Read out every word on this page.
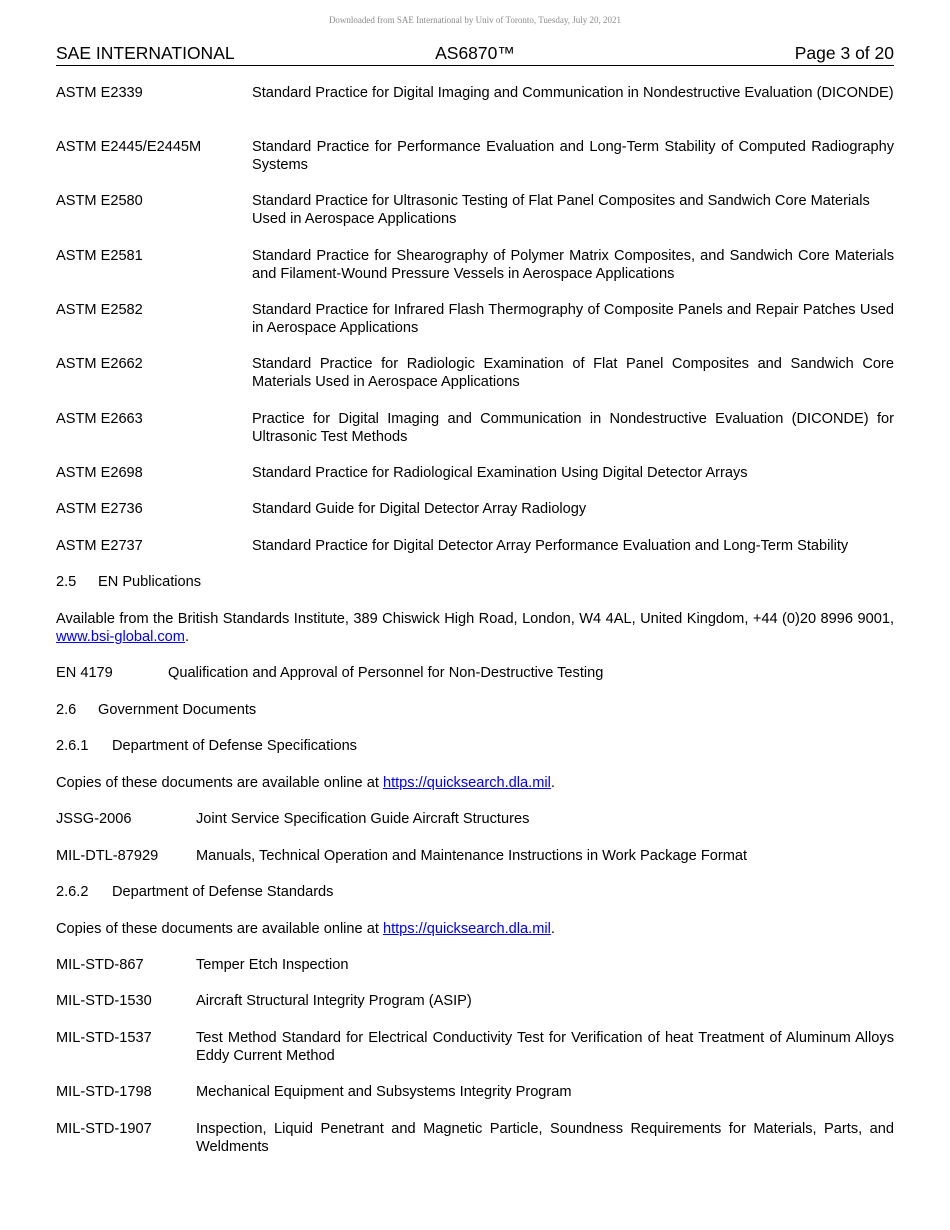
Downloaded from SAE International by Univ of Toronto, Tuesday, July 20, 2021
AS6870™
SAE INTERNATIONAL	Page 3 of 20
ASTM E2339	Standard Practice for Digital Imaging and Communication in Nondestructive Evaluation (DICONDE)
ASTM E2445/E2445M	Standard Practice for Performance Evaluation and Long-Term Stability of Computed Radiography Systems
ASTM E2580	Standard Practice for Ultrasonic Testing of Flat Panel Composites and Sandwich Core Materials Used in Aerospace Applications
ASTM E2581	Standard Practice for Shearography of Polymer Matrix Composites, and Sandwich Core Materials and Filament-Wound Pressure Vessels in Aerospace Applications
ASTM E2582	Standard Practice for Infrared Flash Thermography of Composite Panels and Repair Patches Used in Aerospace Applications
ASTM E2662	Standard Practice for Radiologic Examination of Flat Panel Composites and Sandwich Core Materials Used in Aerospace Applications
ASTM E2663	Practice for Digital Imaging and Communication in Nondestructive Evaluation (DICONDE) for Ultrasonic Test Methods
ASTM E2698	Standard Practice for Radiological Examination Using Digital Detector Arrays
ASTM E2736	Standard Guide for Digital Detector Array Radiology
ASTM E2737	Standard Practice for Digital Detector Array Performance Evaluation and Long-Term Stability
2.5 EN Publications
Available from the British Standards Institute, 389 Chiswick High Road, London, W4 4AL, United Kingdom, +44 (0)20 8996 9001, www.bsi-global.com.
EN 4179	Qualification and Approval of Personnel for Non-Destructive Testing
2.6 Government Documents
2.6.1 Department of Defense Specifications
Copies of these documents are available online at https://quicksearch.dla.mil.
JSSG-2006	Joint Service Specification Guide Aircraft Structures
MIL-DTL-87929	Manuals, Technical Operation and Maintenance Instructions in Work Package Format
2.6.2 Department of Defense Standards
Copies of these documents are available online at https://quicksearch.dla.mil.
MIL-STD-867	Temper Etch Inspection
MIL-STD-1530	Aircraft Structural Integrity Program (ASIP)
MIL-STD-1537	Test Method Standard for Electrical Conductivity Test for Verification of heat Treatment of Aluminum Alloys Eddy Current Method
MIL-STD-1798	Mechanical Equipment and Subsystems Integrity Program
MIL-STD-1907	Inspection, Liquid Penetrant and Magnetic Particle, Soundness Requirements for Materials, Parts, and Weldments
